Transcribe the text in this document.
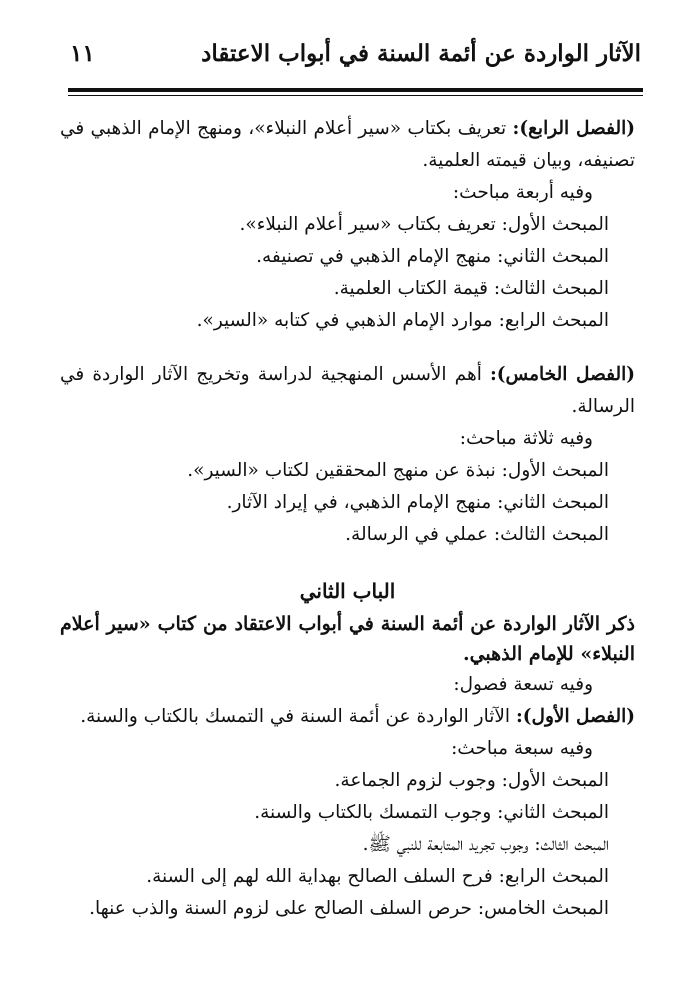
الآثار الواردة عن أئمة السنة في أبواب الاعتقاد
١١

(الفصل الرابع): تعريف بكتاب «سير أعلام النبلاء»، ومنهج الإمام الذهبي في تصنيفه، وبيان قيمته العلمية.

وفيه أربعة مباحث:

المبحث الأول: تعريف بكتاب «سير أعلام النبلاء».

المبحث الثاني: منهج الإمام الذهبي في تصنيفه.

المبحث الثالث: قيمة الكتاب العلمية.

المبحث الرابع: موارد الإمام الذهبي في كتابه «السير».

(الفصل الخامس): أهم الأسس المنهجية لدراسة وتخريج الآثار الواردة في الرسالة.

وفيه ثلاثة مباحث:

المبحث الأول: نبذة عن منهج المحققين لكتاب «السير».

المبحث الثاني: منهج الإمام الذهبي، في إيراد الآثار.

المبحث الثالث: عملي في الرسالة.

الباب الثاني

ذكر الآثار الواردة عن أئمة السنة في أبواب الاعتقاد من كتاب «سير أعلام النبلاء» للإمام الذهبي.

وفيه تسعة فصول:

(الفصل الأول): الآثار الواردة عن أئمة السنة في التمسك بالكتاب والسنة.

وفيه سبعة مباحث:

المبحث الأول: وجوب لزوم الجماعة.

المبحث الثاني: وجوب التمسك بالكتاب والسنة.

المبحث الثالث: وجوب تجريد المتابعة للنبي ﷺ.

المبحث الرابع: فرح السلف الصالح بهداية الله لهم إلى السنة.

المبحث الخامس: حرص السلف الصالح على لزوم السنة والذب عنها.
